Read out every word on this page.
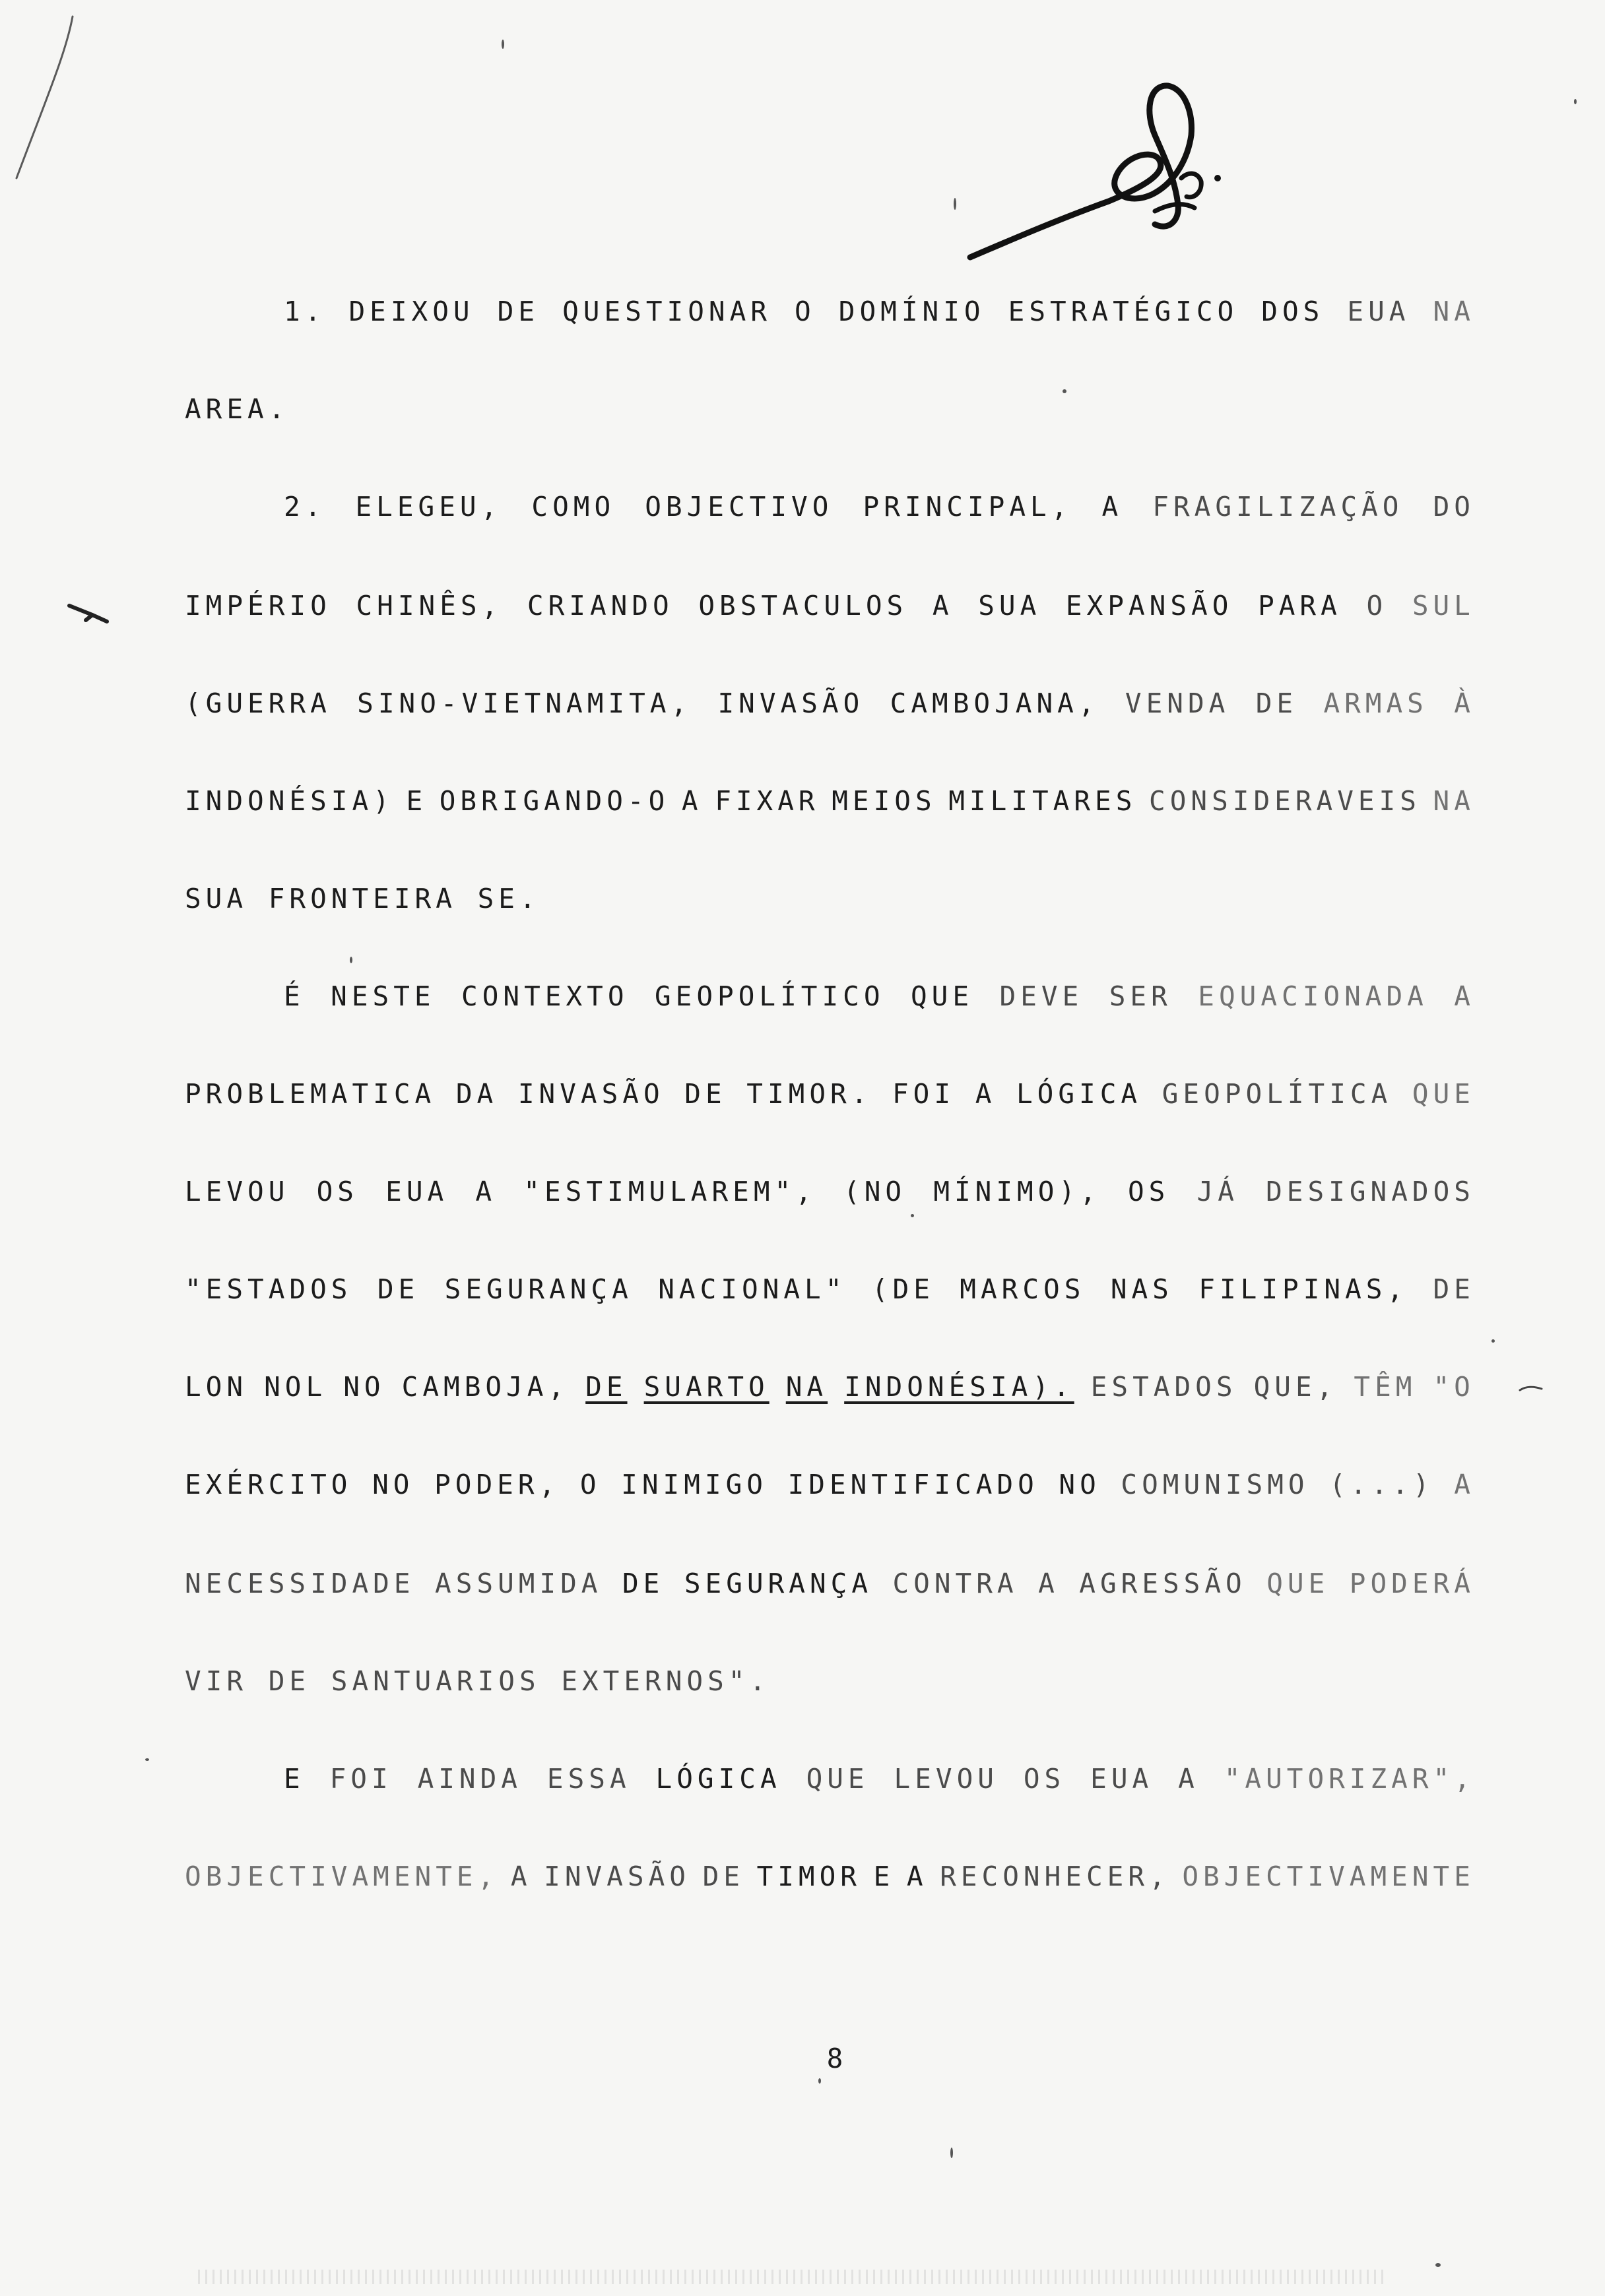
1. DEIXOU DE QUESTIONAR O DOMÍNIO ESTRATÉGICO DOS EUA NA
AREA.
2. ELEGEU, COMO OBJECTIVO PRINCIPAL, A FRAGILIZAÇÃO DO
IMPÉRIO CHINÊS, CRIANDO OBSTACULOS A SUA EXPANSÃO PARA O SUL
(GUERRA SINO-VIETNAMITA, INVASÃO CAMBOJANA, VENDA DE ARMAS À
INDONÉSIA) E OBRIGANDO-O A FIXAR MEIOS MILITARES CONSIDERAVEIS NA
SUA FRONTEIRA SE.
É NESTE CONTEXTO GEOPOLÍTICO QUE DEVE SER EQUACIONADA A
PROBLEMATICA DA INVASÃO DE TIMOR. FOI A LÓGICA GEOPOLÍTICA QUE
LEVOU OS EUA A "ESTIMULAREM", (NO MÍNIMO), OS JÁ DESIGNADOS
"ESTADOS DE SEGURANÇA NACIONAL" (DE MARCOS NAS FILIPINAS, DE
LON NOL NO CAMBOJA, DE SUARTO NA INDONÉSIA). ESTADOS QUE, TÊM "O
EXÉRCITO NO PODER, O INIMIGO IDENTIFICADO NO COMUNISMO (...) A
NECESSIDADE ASSUMIDA DE SEGURANÇA CONTRA A AGRESSÃO QUE PODERÁ
VIR DE SANTUARIOS EXTERNOS".
E FOI AINDA ESSA LÓGICA QUE LEVOU OS EUA A "AUTORIZAR",
OBJECTIVAMENTE, A INVASÃO DE TIMOR E A RECONHECER, OBJECTIVAMENTE
8
